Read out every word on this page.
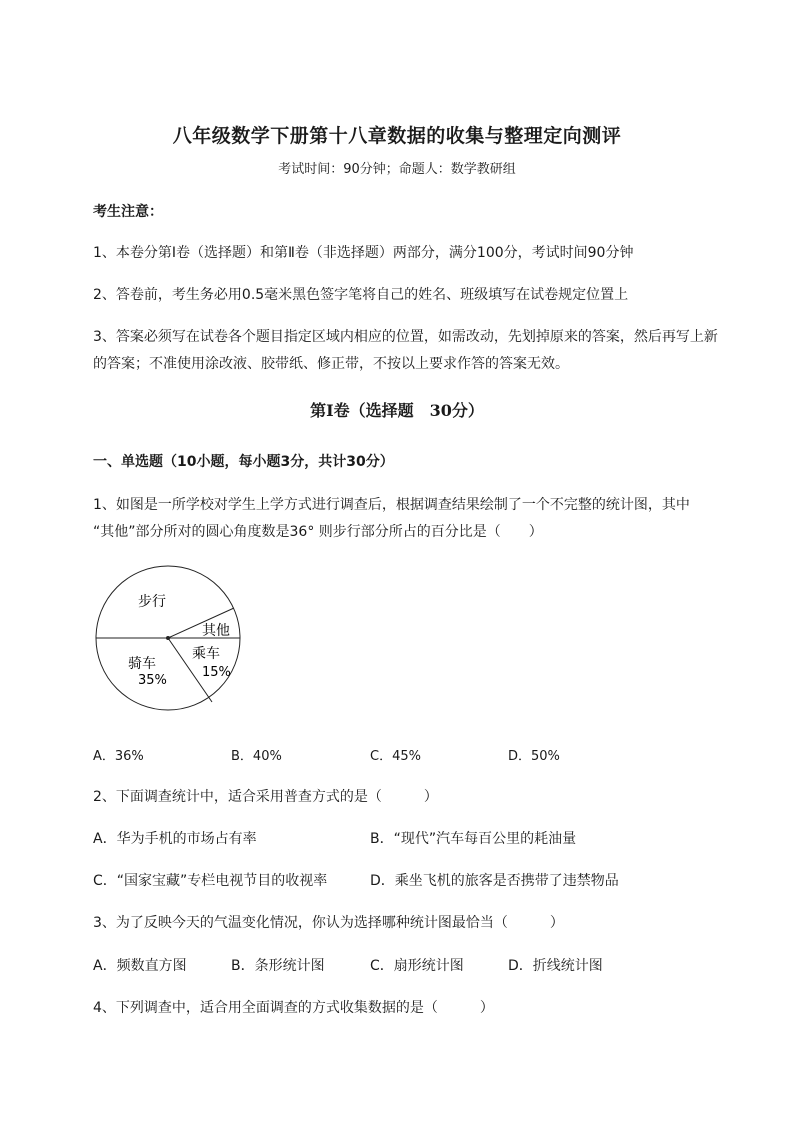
八年级数学下册第十八章数据的收集与整理定向测评
考试时间：90分钟；命题人：数学教研组
考生注意：
1、本卷分第I卷（选择题）和第Ⅱ卷（非选择题）两部分，满分100分，考试时间90分钟
2、答卷前，考生务必用0.5毫米黑色签字笔将自己的姓名、班级填写在试卷规定位置上
3、答案必须写在试卷各个题目指定区域内相应的位置，如需改动，先划掉原来的答案，然后再写上新
的答案；不准使用涂改液、胶带纸、修正带，不按以上要求作答的答案无效。
第I卷（选择题　30分）
一、单选题（10小题，每小题3分，共计30分）
1、如图是一所学校对学生上学方式进行调查后，根据调查结果绘制了一个不完整的统计图，其中
“其他”部分所对的圆心角度数是36° 则步行部分所占的百分比是（　　）
步行
其他
乘车
15%
骑车
35%
A．36%	B．40%	C．45%	D．50%
2、下面调查统计中，适合采用普查方式的是（　　　）
A．华为手机的市场占有率	B．“现代”汽车每百公里的耗油量
C．“国家宝藏”专栏电视节目的收视率	D．乘坐飞机的旅客是否携带了违禁物品
3、为了反映今天的气温变化情况，你认为选择哪种统计图最恰当（　　　）
A．频数直方图	B．条形统计图	C．扇形统计图	D．折线统计图
4、下列调查中，适合用全面调查的方式收集数据的是（　　　）
